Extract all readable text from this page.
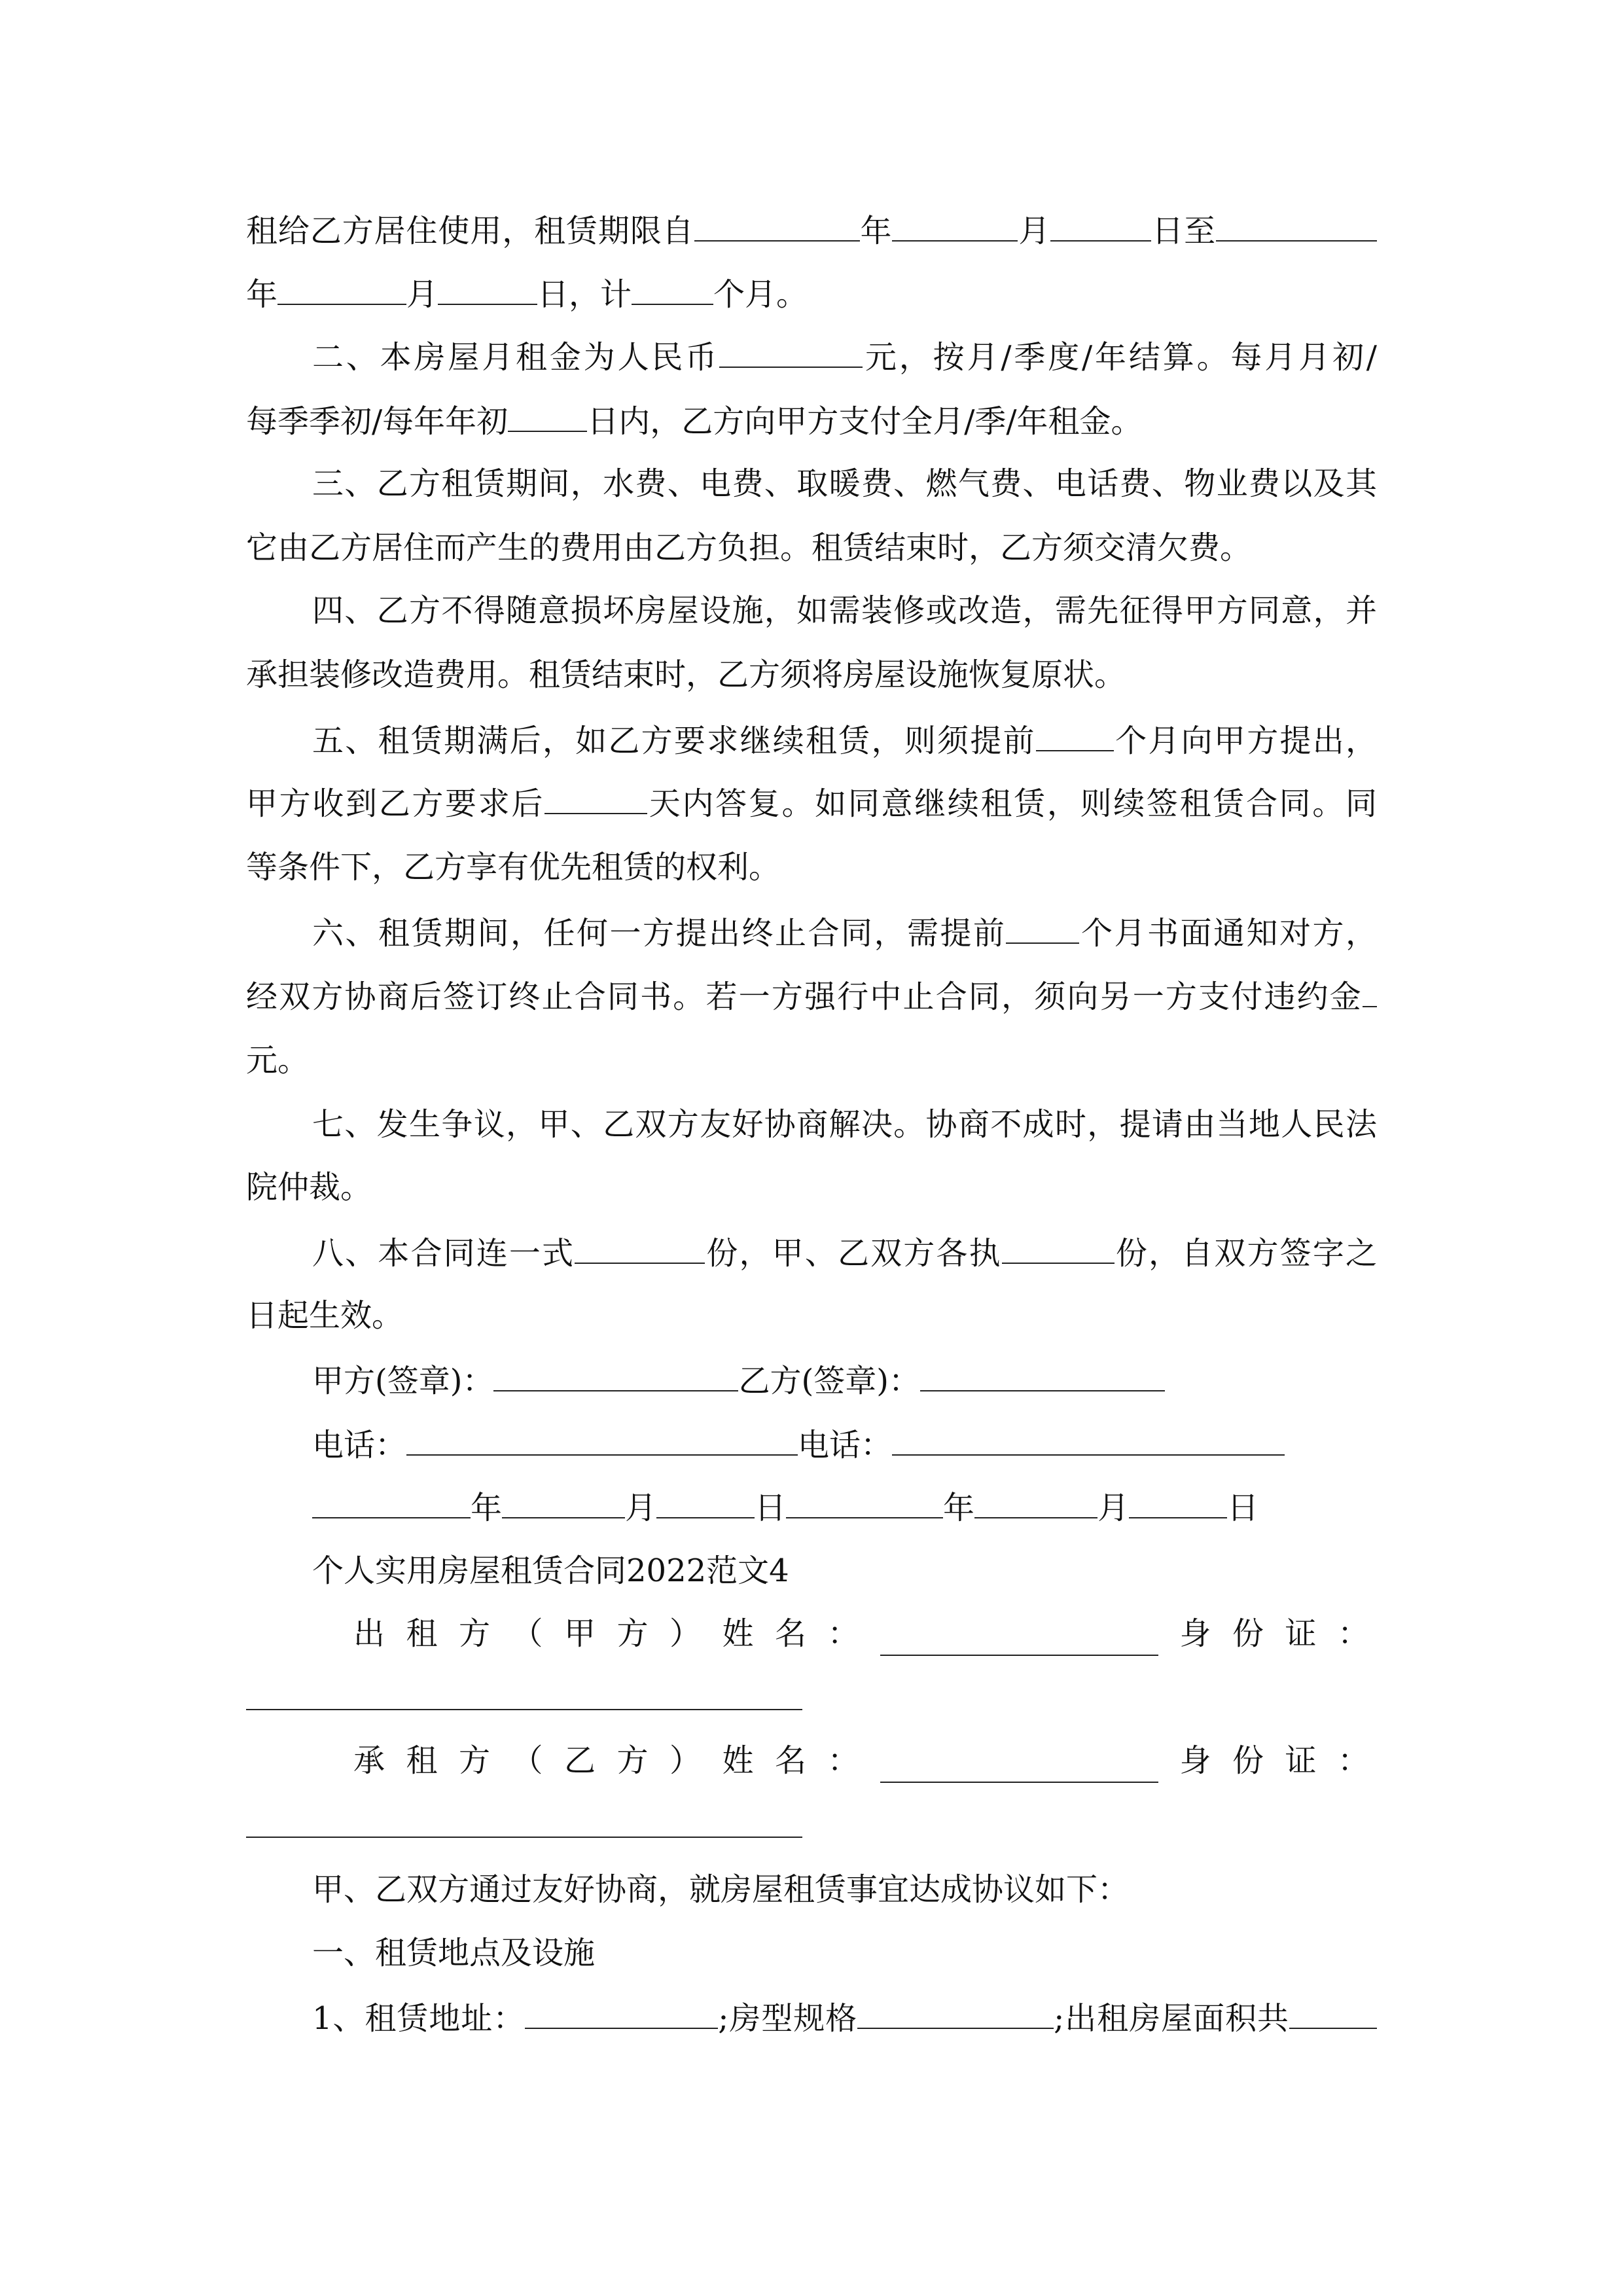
租给乙方居住使用，租赁期限自	年	月	日至
年	月	日，计	个月。
二、本房屋月租金为人民币	元，按月/季度/年结算。每月月初/
每季季初/每年年初	日内，乙方向甲方支付全月/季/年租金。
三、乙方租赁期间，水费、电费、取暖费、燃气费、电话费、物业费以及其
它由乙方居住而产生的费用由乙方负担。租赁结束时，乙方须交清欠费。
四、乙方不得随意损坏房屋设施，如需装修或改造，需先征得甲方同意，并
承担装修改造费用。租赁结束时，乙方须将房屋设施恢复原状。
五、租赁期满后，如乙方要求继续租赁，则须提前 个月向甲方提出，
甲方收到乙方要求后	天内答复。如同意继续租赁，则续签租赁合同。同
等条件下，乙方享有优先租赁的权利。
六、租赁期间，任何一方提出终止合同，需提前 个月书面通知对方，
经双方协商后签订终止合同书。若一方强行中止合同，须向另一方支付违约金
元。
七、发生争议，甲、乙双方友好协商解决。协商不成时，提请由当地人民法
院仲裁。
八、本合同连一式	份，甲、乙双方各执	份，自双方签字之
日起生效。
甲方(签章)：	乙方(签章)：
电话：	电话：
年	月	日	年	月	日
个人实用房屋租赁合同2022范文4
出 租 方 （ 甲 方 ） 姓 名 ：	身 份 证 ：
承 租 方 （ 乙 方 ） 姓 名 ：	身 份 证 ：
甲、乙双方通过友好协商，就房屋租赁事宜达成协议如下：
一、租赁地点及设施
1、租赁地址：	;房型规格	;出租房屋面积共
